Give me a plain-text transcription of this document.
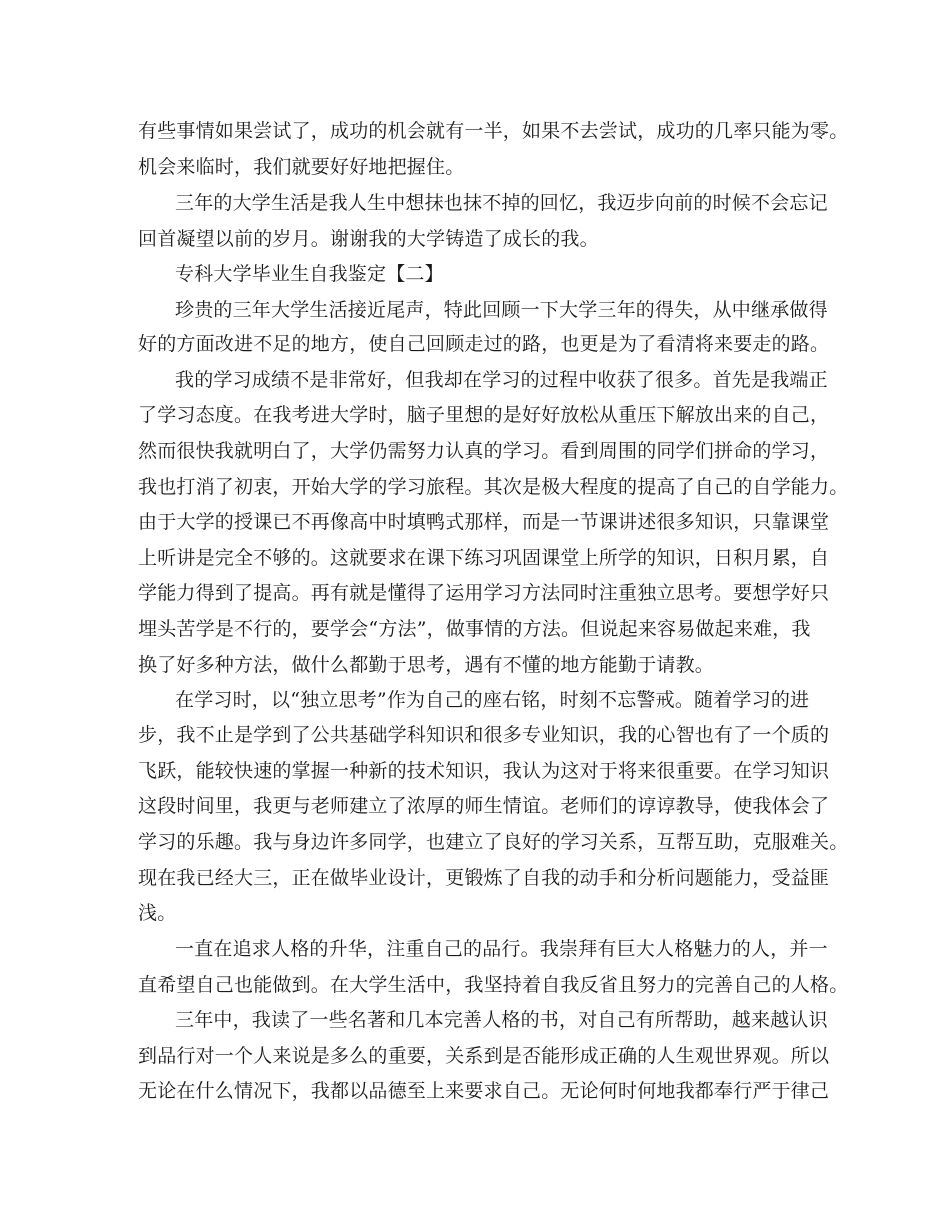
有些事情如果尝试了，成功的机会就有一半，如果不去尝试，成功的几率只能为零。
机会来临时，我们就要好好地把握住。
三年的大学生活是我人生中想抹也抹不掉的回忆，我迈步向前的时候不会忘记
回首凝望以前的岁月。谢谢我的大学铸造了成长的我。
专科大学毕业生自我鉴定【二】
珍贵的三年大学生活接近尾声，特此回顾一下大学三年的得失，从中继承做得
好的方面改进不足的地方，使自己回顾走过的路，也更是为了看清将来要走的路。
我的学习成绩不是非常好，但我却在学习的过程中收获了很多。首先是我端正
了学习态度。在我考进大学时，脑子里想的是好好放松从重压下解放出来的自己，
然而很快我就明白了，大学仍需努力认真的学习。看到周围的同学们拼命的学习，
我也打消了初衷，开始大学的学习旅程。其次是极大程度的提高了自己的自学能力。
由于大学的授课已不再像高中时填鸭式那样，而是一节课讲述很多知识，只靠课堂
上听讲是完全不够的。这就要求在课下练习巩固课堂上所学的知识，日积月累，自
学能力得到了提高。再有就是懂得了运用学习方法同时注重独立思考。要想学好只
埋头苦学是不行的，要学会“方法”，做事情的方法。但说起来容易做起来难，我
换了好多种方法，做什么都勤于思考，遇有不懂的地方能勤于请教。
在学习时，以“独立思考”作为自己的座右铭，时刻不忘警戒。随着学习的进
步，我不止是学到了公共基础学科知识和很多专业知识，我的心智也有了一个质的
飞跃，能较快速的掌握一种新的技术知识，我认为这对于将来很重要。在学习知识
这段时间里，我更与老师建立了浓厚的师生情谊。老师们的谆谆教导，使我体会了
学习的乐趣。我与身边许多同学，也建立了良好的学习关系，互帮互助，克服难关。
现在我已经大三，正在做毕业设计，更锻炼了自我的动手和分析问题能力，受益匪
浅。
一直在追求人格的升华，注重自己的品行。我崇拜有巨大人格魅力的人，并一
直希望自己也能做到。在大学生活中，我坚持着自我反省且努力的完善自己的人格。
三年中，我读了一些名著和几本完善人格的书，对自己有所帮助，越来越认识
到品行对一个人来说是多么的重要，关系到是否能形成正确的人生观世界观。所以
无论在什么情况下，我都以品德至上来要求自己。无论何时何地我都奉行严于律己
